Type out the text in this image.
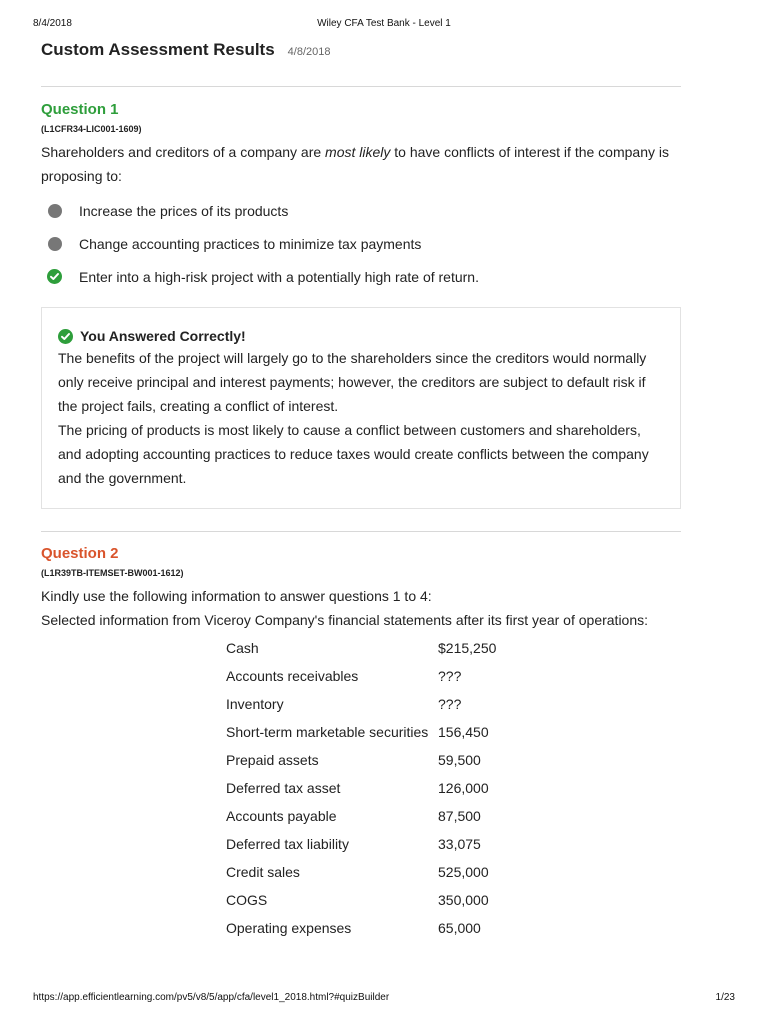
Wiley CFA Test Bank - Level 1
8/4/2018
Custom Assessment Results 4/8/2018
Question 1
(L1CFR34-LIC001-1609)
Shareholders and creditors of a company are most likely to have conflicts of interest if the company is proposing to:
Increase the prices of its products
Change accounting practices to minimize tax payments
Enter into a high-risk project with a potentially high rate of return.
You Answered Correctly!
The benefits of the project will largely go to the shareholders since the creditors would normally only receive principal and interest payments; however, the creditors are subject to default risk if the project fails, creating a conflict of interest.
The pricing of products is most likely to cause a conflict between customers and shareholders, and adopting accounting practices to reduce taxes would create conflicts between the company and the government.
Question 2
(L1R39TB-ITEMSET-BW001-1612)
Kindly use the following information to answer questions 1 to 4:
Selected information from Viceroy Company's financial statements after its first year of operations:
Cash	$215,250
Accounts receivables	???
Inventory	???
Short-term marketable securities	156,450
Prepaid assets	59,500
Deferred tax asset	126,000
Accounts payable	87,500
Deferred tax liability	33,075
Credit sales	525,000
COGS	350,000
Operating expenses	65,000
https://app.efficientlearning.com/pv5/v8/5/app/cfa/level1_2018.html?#quizBuilder	1/23
